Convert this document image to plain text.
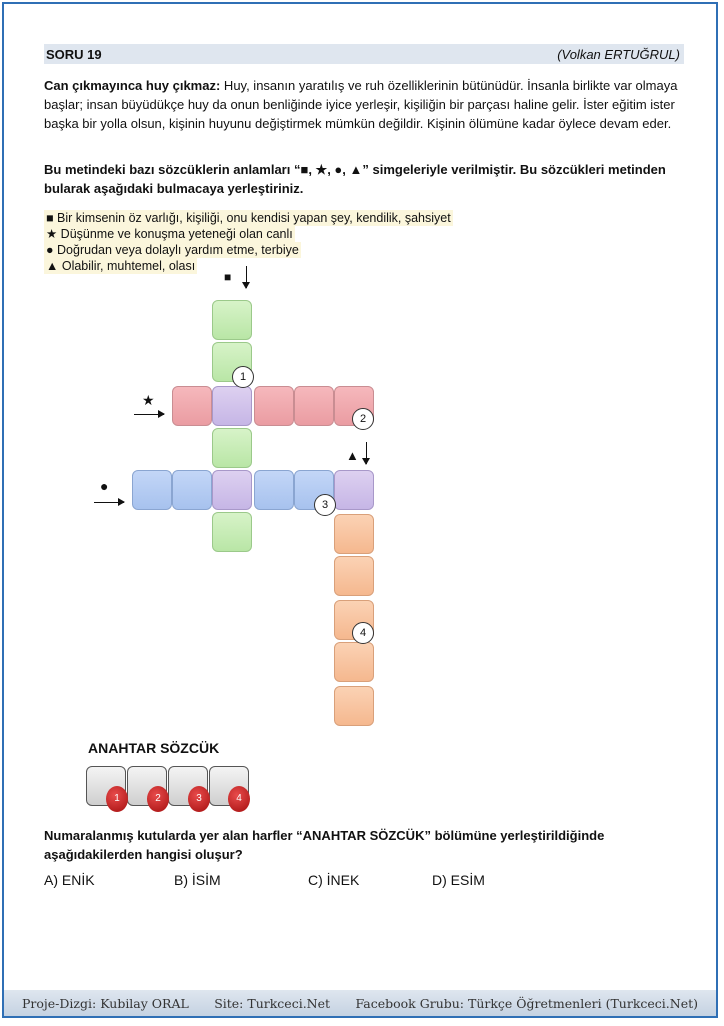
SORU 19	(Volkan ERTUĞRUL)
Can çıkmayınca huy çıkmaz: Huy, insanın yaratılış ve ruh özelliklerinin bütünüdür. İnsanla birlikte var olmaya başlar; insan büyüdükçe huy da onun benliğinde iyice yerleşir, kişiliğin bir parçası haline gelir. İster eğitim ister başka bir yolla olsun, kişinin huyunu değiştirmek mümkün değildir. Kişinin ölümüne kadar öylece devam eder.
Bu metindeki bazı sözcüklerin anlamları “■, ★, ●, ▲” simgeleriyle verilmiştir. Bu sözcükleri metinden bularak aşağıdaki bulmacaya yerleştiriniz.
■ Bir kimsenin öz varlığı, kişiliği, onu kendisi yapan şey, kendilik, şahsiyet
★ Düşünme ve konuşma yeteneği olan canlı
● Doğrudan veya dolaylı yardım etme, terbiye
▲ Olabilir, muhtemel, olası
1
2
3
4
■
★
●
▲
ANAHTAR SÖZCÜK
1	2	3	4
Numaralanmış kutularda yer alan harfler “ANAHTAR SÖZCÜK” bölümüne yerleştirildiğinde aşağıdakilerden hangisi oluşur?
A) ENİK	B) İSİM	C) İNEK	D) ESİM
Proje-Dizgi: Kubilay ORAL Site: Turkceci.Net Facebook Grubu: Türkçe Öğretmenleri (Turkceci.Net)
